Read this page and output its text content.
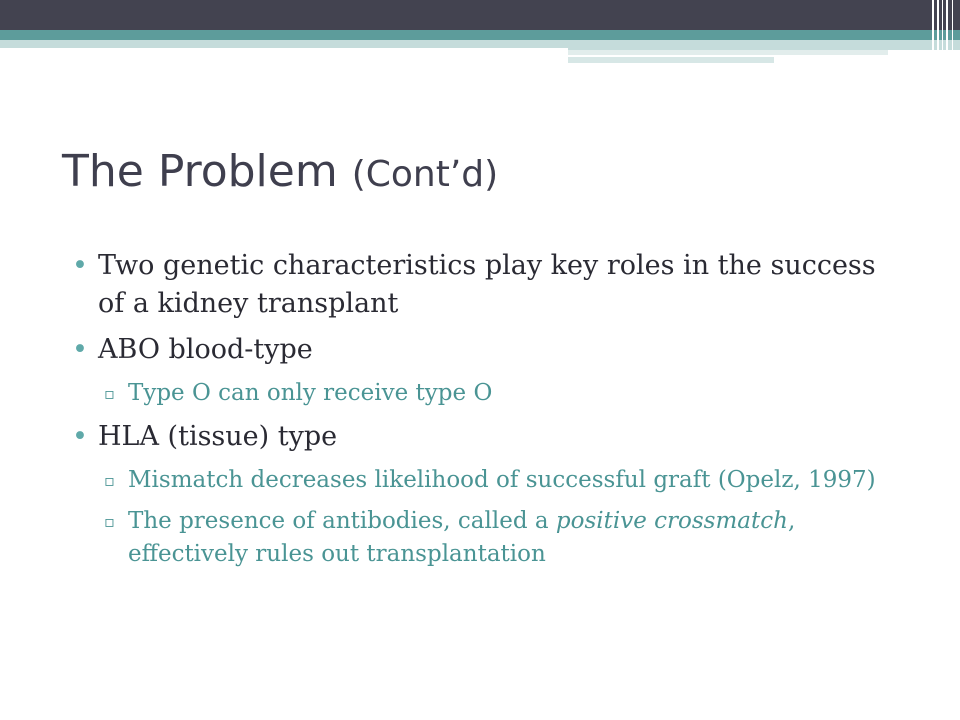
The Problem (Cont’d)
• Two genetic characteristics play key roles in the success of a kidney transplant
• ABO blood-type
▫ Type O can only receive type O
• HLA (tissue) type
▫ Mismatch decreases likelihood of successful graft (Opelz, 1997)
▫ The presence of antibodies, called a positive crossmatch, effectively rules out transplantation
